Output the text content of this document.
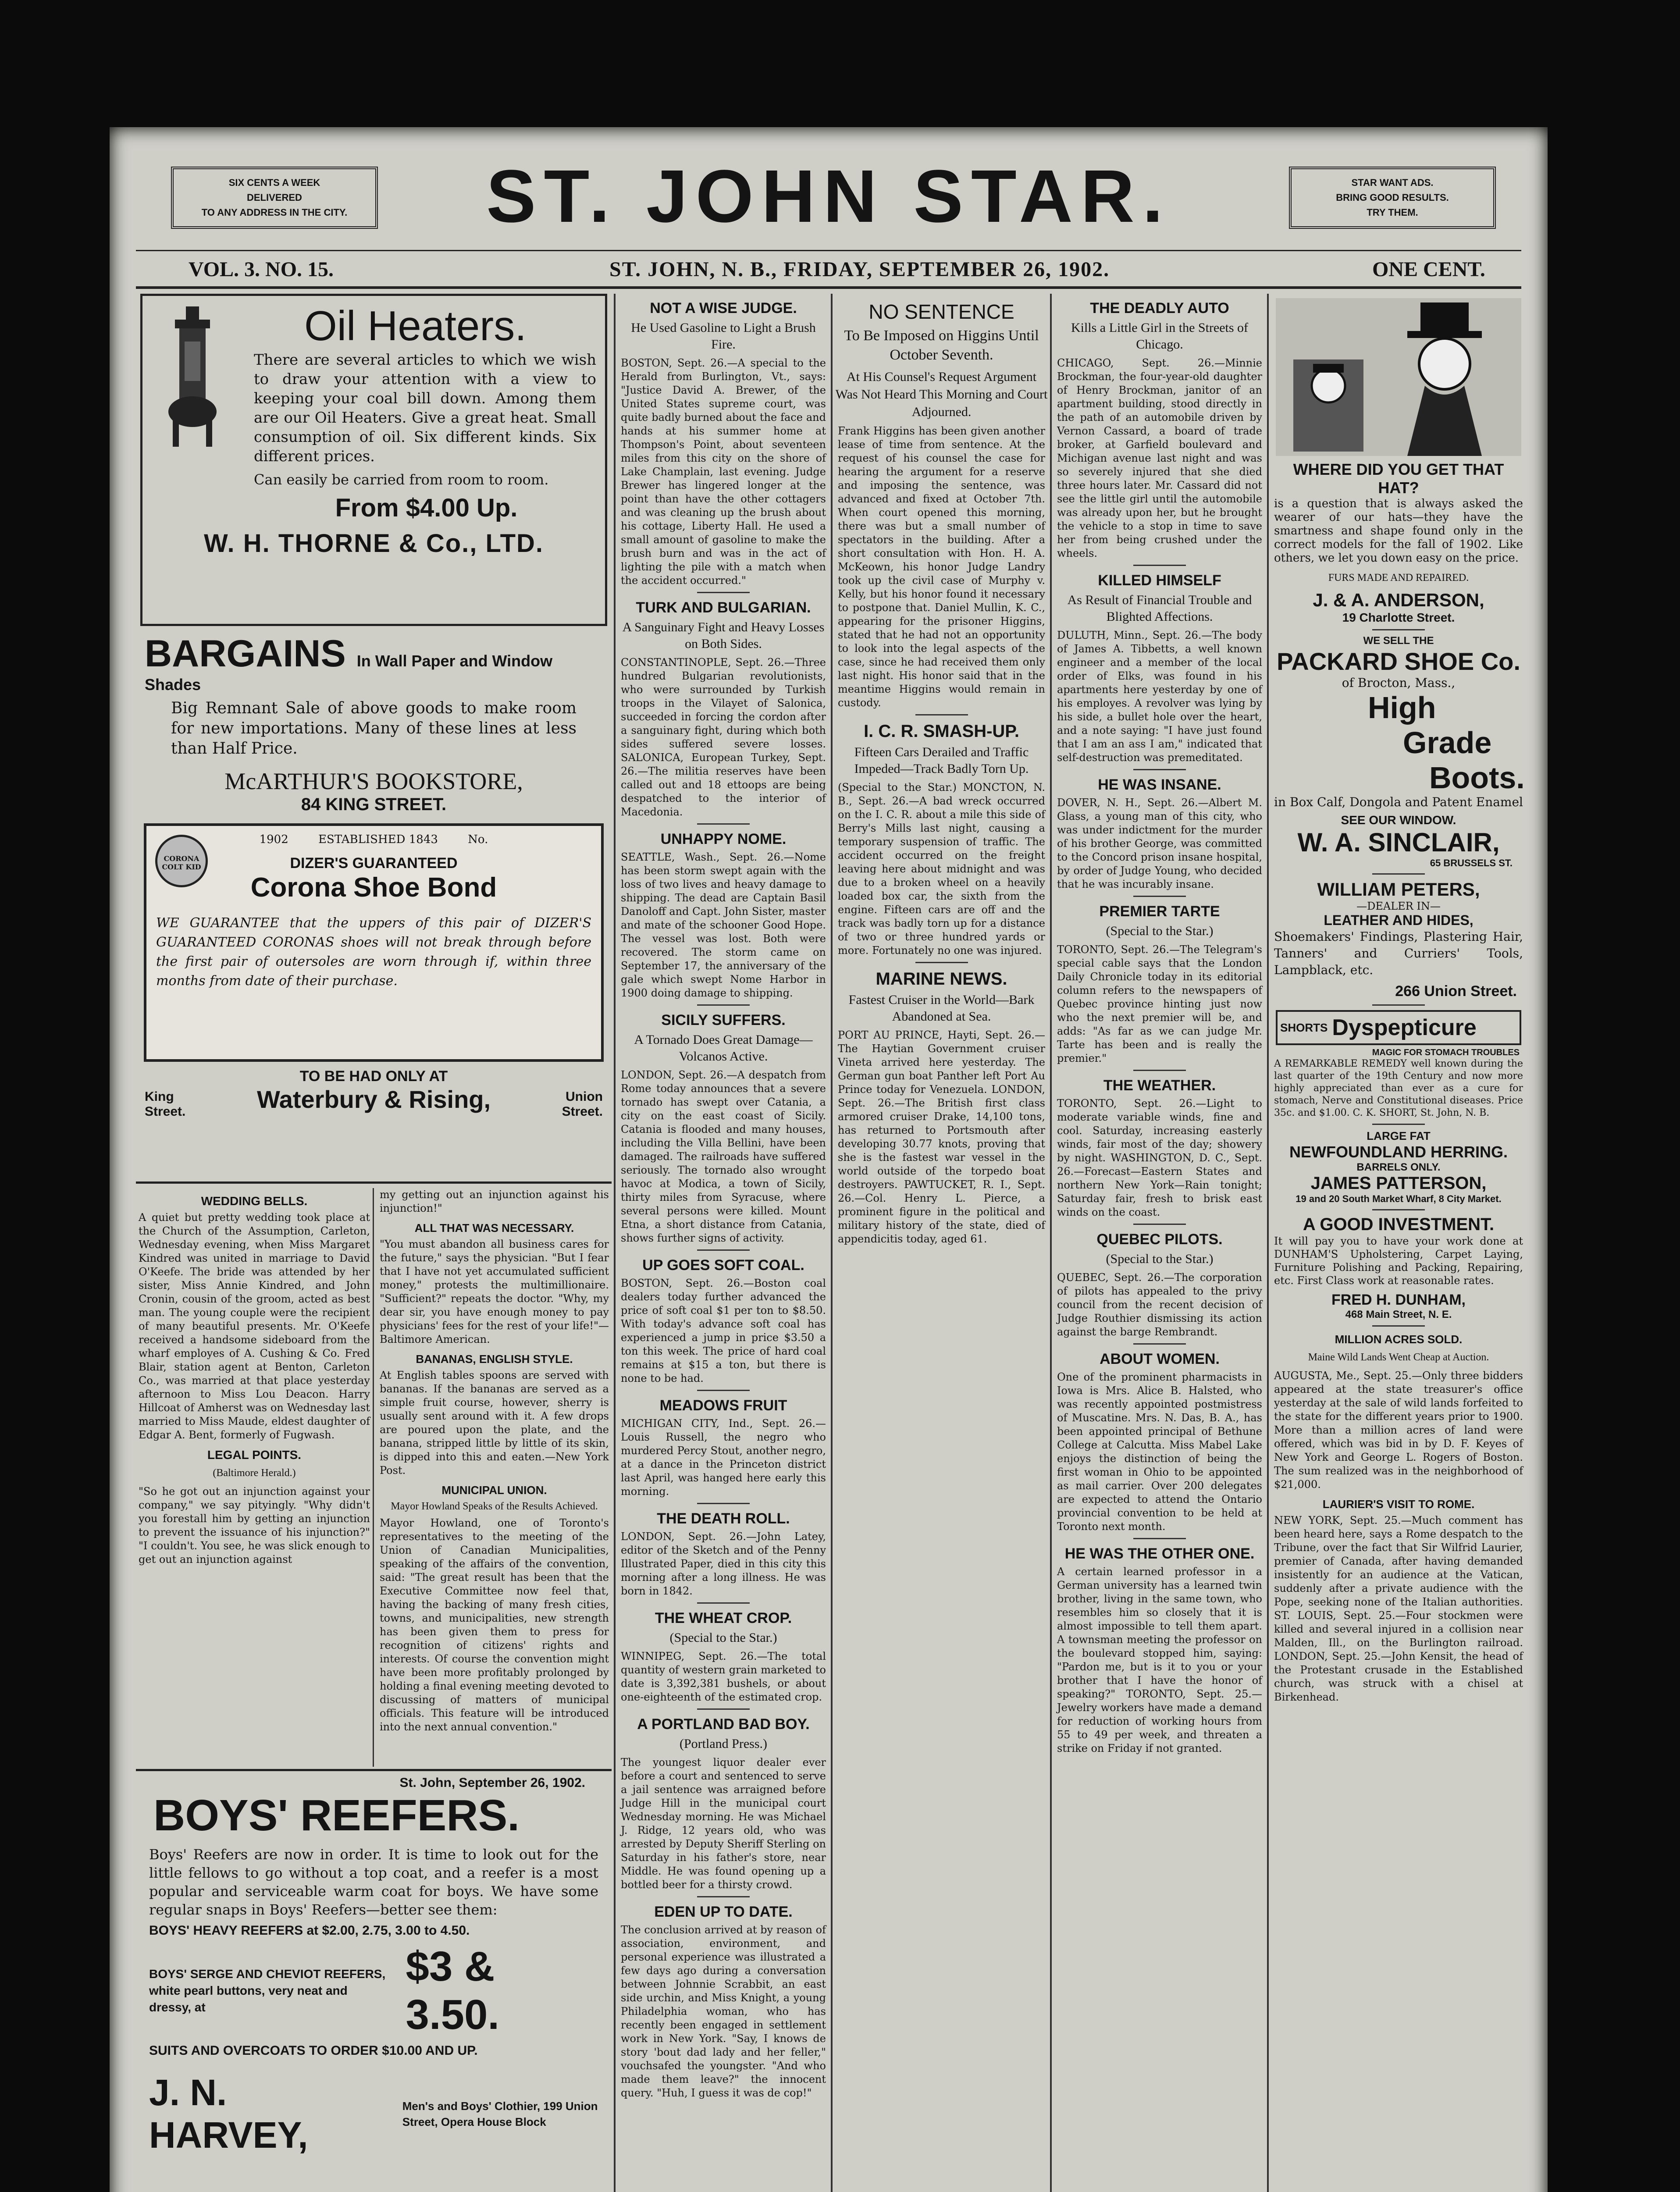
SIX CENTS A WEEK
DELIVERED
TO ANY ADDRESS IN THE CITY.	ST. JOHN STAR.	STAR WANT ADS.
BRING GOOD RESULTS.
TRY THEM.
VOL. 3. NO. 15.	ST. JOHN, N. B., FRIDAY, SEPTEMBER 26, 1902.	ONE CENT.
Oil Heaters.
There are several articles to which we wish to draw your attention with a view to keeping your coal bill down. Among them are our Oil Heaters. Give a great heat. Small consumption of oil. Six different kinds. Six different prices.
Can easily be carried from room to room.
From $4.00 Up.
W. H. THORNE & Co., LTD.
BARGAINS In Wall Paper and Window Shades
Big Remnant Sale of above goods to make room for new importations. Many of these lines at less than Half Price.
McARTHUR'S BOOKSTORE,
84 KING STREET.
CORONA COLT KID
1902	ESTABLISHED 1843	No.
DIZER'S GUARANTEED
Corona Shoe Bond
WE GUARANTEE that the uppers of this pair of DIZER'S GUARANTEED CORONAS shoes will not break through before the first pair of outersoles are worn through if, within three months from date of their purchase.
TO BE HAD ONLY AT
King Street.	Waterbury & Rising,	Union Street.
WEDDING BELLS.
A quiet but pretty wedding took place at the Church of the Assumption, Carleton, Wednesday evening, when Miss Margaret Kindred was united in marriage to David O'Keefe. The bride was attended by her sister, Miss Annie Kindred, and John Cronin, cousin of the groom, acted as best man. The young couple were the recipient of many beautiful presents. Mr. O'Keefe received a handsome sideboard from the wharf employes of A. Cushing & Co. Fred Blair, station agent at Benton, Carleton Co., was married at that place yesterday afternoon to Miss Lou Deacon. Harry Hillcoat of Amherst was on Wednesday last married to Miss Maude, eldest daughter of Edgar A. Bent, formerly of Fugwash.
LEGAL POINTS.
(Baltimore Herald.)
"So he got out an injunction against your company," we say pityingly. "Why didn't you forestall him by getting an injunction to prevent the issuance of his injunction?" "I couldn't. You see, he was slick enough to get out an injunction against
my getting out an injunction against his injunction!"
ALL THAT WAS NECESSARY.
"You must abandon all business cares for the future," says the physician. "But I fear that I have not yet accumulated sufficient money," protests the multimillionaire. "Sufficient?" repeats the doctor. "Why, my dear sir, you have enough money to pay physicians' fees for the rest of your life!"—Baltimore American.
BANANAS, ENGLISH STYLE.
At English tables spoons are served with bananas. If the bananas are served as a simple fruit course, however, sherry is usually sent around with it. A few drops are poured upon the plate, and the banana, stripped little by little of its skin, is dipped into this and eaten.—New York Post.
MUNICIPAL UNION.
Mayor Howland Speaks of the Results Achieved.
Mayor Howland, one of Toronto's representatives to the meeting of the Union of Canadian Municipalities, speaking of the affairs of the convention, said: "The great result has been that the Executive Committee now feel that, having the backing of many fresh cities, towns, and municipalities, new strength has been given them to press for recognition of citizens' rights and interests. Of course the convention might have been more profitably prolonged by holding a final evening meeting devoted to discussing of matters of municipal officials. This feature will be introduced into the next annual convention."
St. John, September 26, 1902.
BOYS' REEFERS.
Boys' Reefers are now in order. It is time to look out for the little fellows to go without a top coat, and a reefer is a most popular and serviceable warm coat for boys. We have some regular snaps in Boys' Reefers—better see them:
BOYS' HEAVY REEFERS at $2.00, 2.75, 3.00 to 4.50.
BOYS' SERGE AND CHEVIOT REEFERS, white pearl buttons, very neat and dressy, at
$3 & 3.50.
SUITS AND OVERCOATS TO ORDER $10.00 AND UP.
J. N. HARVEY,
Men's and Boys' Clothier, 199 Union Street, Opera House Block
NOT A WISE JUDGE.
He Used Gasoline to Light a Brush Fire.
BOSTON, Sept. 26.—A special to the Herald from Burlington, Vt., says: "Justice David A. Brewer, of the United States supreme court, was quite badly burned about the face and hands at his summer home at Thompson's Point, about seventeen miles from this city on the shore of Lake Champlain, last evening. Judge Brewer has lingered longer at the point than have the other cottagers and was cleaning up the brush about his cottage, Liberty Hall. He used a small amount of gasoline to make the brush burn and was in the act of lighting the pile with a match when the accident occurred."
TURK AND BULGARIAN.
A Sanguinary Fight and Heavy Losses on Both Sides.
CONSTANTINOPLE, Sept. 26.—Three hundred Bulgarian revolutionists, who were surrounded by Turkish troops in the Vilayet of Salonica, succeeded in forcing the cordon after a sanguinary fight, during which both sides suffered severe losses. SALONICA, European Turkey, Sept. 26.—The militia reserves have been called out and 18 ettoops are being despatched to the interior of Macedonia.
UNHAPPY NOME.
SEATTLE, Wash., Sept. 26.—Nome has been storm swept again with the loss of two lives and heavy damage to shipping. The dead are Captain Basil Danoloff and Capt. John Sister, master and mate of the schooner Good Hope. The vessel was lost. Both were recovered. The storm came on September 17, the anniversary of the gale which swept Nome Harbor in 1900 doing damage to shipping.
SICILY SUFFERS.
A Tornado Does Great Damage—Volcanos Active.
LONDON, Sept. 26.—A despatch from Rome today announces that a severe tornado has swept over Catania, a city on the east coast of Sicily. Catania is flooded and many houses, including the Villa Bellini, have been damaged. The railroads have suffered seriously. The tornado also wrought havoc at Modica, a town of Sicily, thirty miles from Syracuse, where several persons were killed. Mount Etna, a short distance from Catania, shows further signs of activity.
UP GOES SOFT COAL.
BOSTON, Sept. 26.—Boston coal dealers today further advanced the price of soft coal $1 per ton to $8.50. With today's advance soft coal has experienced a jump in price $3.50 a ton this week. The price of hard coal remains at $15 a ton, but there is none to be had.
MEADOWS FRUIT
MICHIGAN CITY, Ind., Sept. 26.—Louis Russell, the negro who murdered Percy Stout, another negro, at a dance in the Princeton district last April, was hanged here early this morning.
THE DEATH ROLL.
LONDON, Sept. 26.—John Latey, editor of the Sketch and of the Penny Illustrated Paper, died in this city this morning after a long illness. He was born in 1842.
THE WHEAT CROP.
(Special to the Star.)
WINNIPEG, Sept. 26.—The total quantity of western grain marketed to date is 3,392,381 bushels, or about one-eighteenth of the estimated crop.
A PORTLAND BAD BOY.
(Portland Press.)
The youngest liquor dealer ever before a court and sentenced to serve a jail sentence was arraigned before Judge Hill in the municipal court Wednesday morning. He was Michael J. Ridge, 12 years old, who was arrested by Deputy Sheriff Sterling on Saturday in his father's store, near Middle. He was found opening up a bottled beer for a thirsty crowd.
EDEN UP TO DATE.
The conclusion arrived at by reason of association, environment, and personal experience was illustrated a few days ago during a conversation between Johnnie Scrabbit, an east side urchin, and Miss Knight, a young Philadelphia woman, who has recently been engaged in settlement work in New York. "Say, I knows de story 'bout dad lady and her feller," vouchsafed the youngster. "And who made them leave?" the innocent query. "Huh, I guess it was de cop!"
NO SENTENCE
To Be Imposed on Higgins Until October Seventh.
At His Counsel's Request Argument Was Not Heard This Morning and Court Adjourned.
Frank Higgins has been given another lease of time from sentence. At the request of his counsel the case for hearing the argument for a reserve and imposing the sentence, was advanced and fixed at October 7th. When court opened this morning, there was but a small number of spectators in the building. After a short consultation with Hon. H. A. McKeown, his honor Judge Landry took up the civil case of Murphy v. Kelly, but his honor found it necessary to postpone that. Daniel Mullin, K. C., appearing for the prisoner Higgins, stated that he had not an opportunity to look into the legal aspects of the case, since he had received them only last night. His honor said that in the meantime Higgins would remain in custody.
I. C. R. SMASH-UP.
Fifteen Cars Derailed and Traffic Impeded—Track Badly Torn Up.
(Special to the Star.) MONCTON, N. B., Sept. 26.—A bad wreck occurred on the I. C. R. about a mile this side of Berry's Mills last night, causing a temporary suspension of traffic. The accident occurred on the freight leaving here about midnight and was due to a broken wheel on a heavily loaded box car, the sixth from the engine. Fifteen cars are off and the track was badly torn up for a distance of two or three hundred yards or more. Fortunately no one was injured.
MARINE NEWS.
Fastest Cruiser in the World—Bark Abandoned at Sea.
PORT AU PRINCE, Hayti, Sept. 26.—The Haytian Government cruiser Vineta arrived here yesterday. The German gun boat Panther left Port Au Prince today for Venezuela. LONDON, Sept. 26.—The British first class armored cruiser Drake, 14,100 tons, has returned to Portsmouth after developing 30.77 knots, proving that she is the fastest war vessel in the world outside of the torpedo boat destroyers. PAWTUCKET, R. I., Sept. 26.—Col. Henry L. Pierce, a prominent figure in the political and military history of the state, died of appendicitis today, aged 61.
THE DEADLY AUTO
Kills a Little Girl in the Streets of Chicago.
CHICAGO, Sept. 26.—Minnie Brockman, the four-year-old daughter of Henry Brockman, janitor of an apartment building, stood directly in the path of an automobile driven by Vernon Cassard, a board of trade broker, at Garfield boulevard and Michigan avenue last night and was so severely injured that she died three hours later. Mr. Cassard did not see the little girl until the automobile was already upon her, but he brought the vehicle to a stop in time to save her from being crushed under the wheels.
KILLED HIMSELF
As Result of Financial Trouble and Blighted Affections.
DULUTH, Minn., Sept. 26.—The body of James A. Tibbetts, a well known engineer and a member of the local order of Elks, was found in his apartments here yesterday by one of his employes. A revolver was lying by his side, a bullet hole over the heart, and a note saying: "I have just found that I am an ass I am," indicated that self-destruction was premeditated.
HE WAS INSANE.
DOVER, N. H., Sept. 26.—Albert M. Glass, a young man of this city, who was under indictment for the murder of his brother George, was committed to the Concord prison insane hospital, by order of Judge Young, who decided that he was incurably insane.
PREMIER TARTE
(Special to the Star.)
TORONTO, Sept. 26.—The Telegram's special cable says that the London Daily Chronicle today in its editorial column refers to the newspapers of Quebec province hinting just now who the next premier will be, and adds: "As far as we can judge Mr. Tarte has been and is really the premier."
THE WEATHER.
TORONTO, Sept. 26.—Light to moderate variable winds, fine and cool. Saturday, increasing easterly winds, fair most of the day; showery by night. WASHINGTON, D. C., Sept. 26.—Forecast—Eastern States and northern New York—Rain tonight; Saturday fair, fresh to brisk east winds on the coast.
QUEBEC PILOTS.
(Special to the Star.)
QUEBEC, Sept. 26.—The corporation of pilots has appealed to the privy council from the recent decision of Judge Routhier dismissing its action against the barge Rembrandt.
ABOUT WOMEN.
One of the prominent pharmacists in Iowa is Mrs. Alice B. Halsted, who was recently appointed postmistress of Muscatine. Mrs. N. Das, B. A., has been appointed principal of Bethune College at Calcutta. Miss Mabel Lake enjoys the distinction of being the first woman in Ohio to be appointed as mail carrier. Over 200 delegates are expected to attend the Ontario provincial convention to be held at Toronto next month.
HE WAS THE OTHER ONE.
A certain learned professor in a German university has a learned twin brother, living in the same town, who resembles him so closely that it is almost impossible to tell them apart. A townsman meeting the professor on the boulevard stopped him, saying: "Pardon me, but is it to you or your brother that I have the honor of speaking?" TORONTO, Sept. 25.—Jewelry workers have made a demand for reduction of working hours from 55 to 49 per week, and threaten a strike on Friday if not granted.
WHERE DID YOU GET THAT HAT?
is a question that is always asked the wearer of our hats—they have the smartness and shape found only in the correct models for the fall of 1902. Like others, we let you down easy on the price.
FURS MADE AND REPAIRED.
J. & A. ANDERSON,
19 Charlotte Street.
WE SELL THE
PACKARD SHOE Co.
of Brocton, Mass.,
High
Grade
Boots.
in Box Calf, Dongola and Patent Enamel
SEE OUR WINDOW.
W. A. SINCLAIR,
65 BRUSSELS ST.
WILLIAM PETERS,
—DEALER IN—
LEATHER AND HIDES,
Shoemakers' Findings, Plastering Hair, Tanners' and Curriers' Tools, Lampblack, etc.
266 Union Street.
SHORTS Dyspepticure
MAGIC FOR STOMACH TROUBLES
A REMARKABLE REMEDY well known during the last quarter of the 19th Century and now more highly appreciated than ever as a cure for stomach, Nerve and Constitutional diseases. Price 35c. and $1.00. C. K. SHORT, St. John, N. B.
LARGE FAT
NEWFOUNDLAND HERRING.
BARRELS ONLY.
JAMES PATTERSON,
19 and 20 South Market Wharf, 8 City Market.
A GOOD INVESTMENT.
It will pay you to have your work done at DUNHAM'S Upholstering, Carpet Laying, Furniture Polishing and Packing, Repairing, etc. First Class work at reasonable rates.
FRED H. DUNHAM,
468 Main Street, N. E.
MILLION ACRES SOLD.
Maine Wild Lands Went Cheap at Auction.
AUGUSTA, Me., Sept. 25.—Only three bidders appeared at the state treasurer's office yesterday at the sale of wild lands forfeited to the state for the different years prior to 1900. More than a million acres of land were offered, which was bid in by D. F. Keyes of New York and George L. Rogers of Boston. The sum realized was in the neighborhood of $21,000.
LAURIER'S VISIT TO ROME.
NEW YORK, Sept. 25.—Much comment has been heard here, says a Rome despatch to the Tribune, over the fact that Sir Wilfrid Laurier, premier of Canada, after having demanded insistently for an audience at the Vatican, suddenly after a private audience with the Pope, seeking none of the Italian authorities. ST. LOUIS, Sept. 25.—Four stockmen were killed and several injured in a collision near Malden, Ill., on the Burlington railroad. LONDON, Sept. 25.—John Kensit, the head of the Protestant crusade in the Established church, was struck with a chisel at Birkenhead.
